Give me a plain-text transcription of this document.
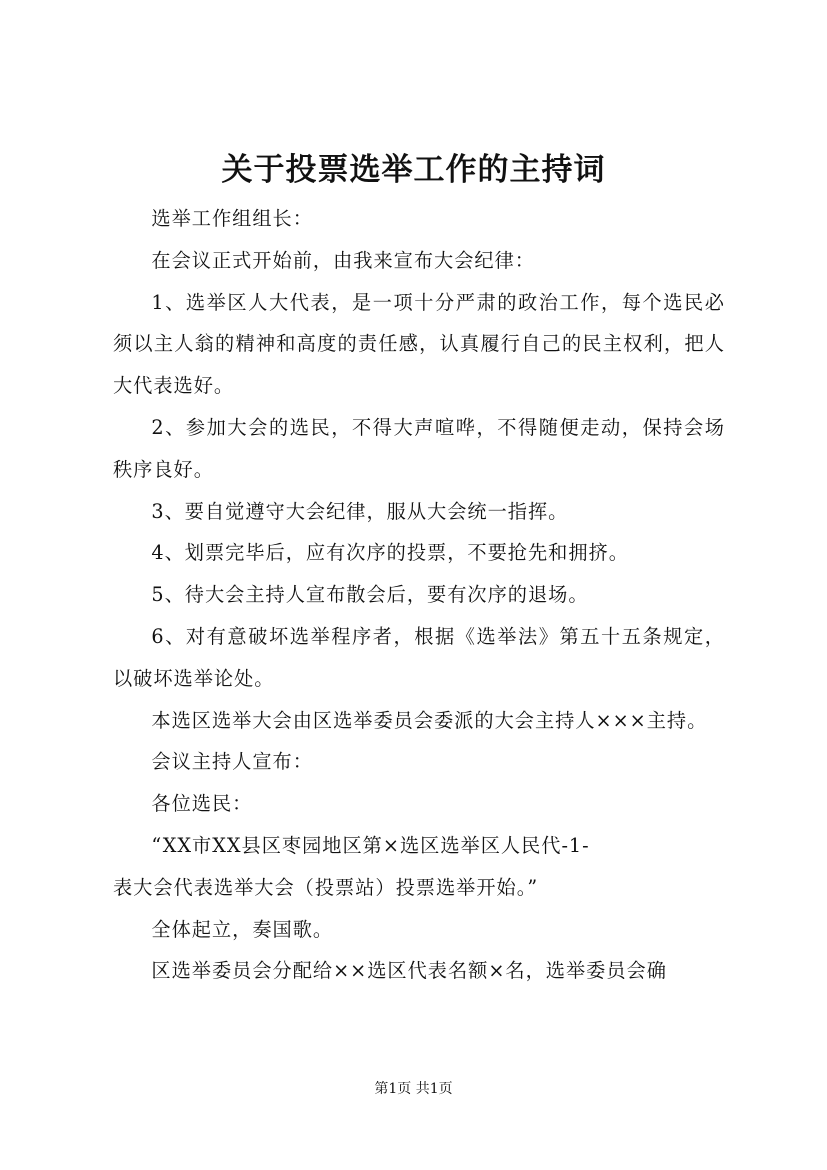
关于投票选举工作的主持词

选举工作组组长：

在会议正式开始前，由我来宣布大会纪律：

1、选举区人大代表，是一项十分严肃的政治工作，每个选民必须以主人翁的精神和高度的责任感，认真履行自己的民主权利，把人大代表选好。

2、参加大会的选民，不得大声喧哗，不得随便走动，保持会场秩序良好。

3、要自觉遵守大会纪律，服从大会统一指挥。

4、划票完毕后，应有次序的投票，不要抢先和拥挤。

5、待大会主持人宣布散会后，要有次序的退场。

6、对有意破坏选举程序者，根据《选举法》第五十五条规定，以破坏选举论处。

本选区选举大会由区选举委员会委派的大会主持人×××主持。

会议主持人宣布：

各位选民：

“XX市XX县区枣园地区第×选区选举区人民代-1-

表大会代表选举大会（投票站）投票选举开始。”

全体起立，奏国歌。

区选举委员会分配给××选区代表名额×名，选举委员会确

第1页 共1页
